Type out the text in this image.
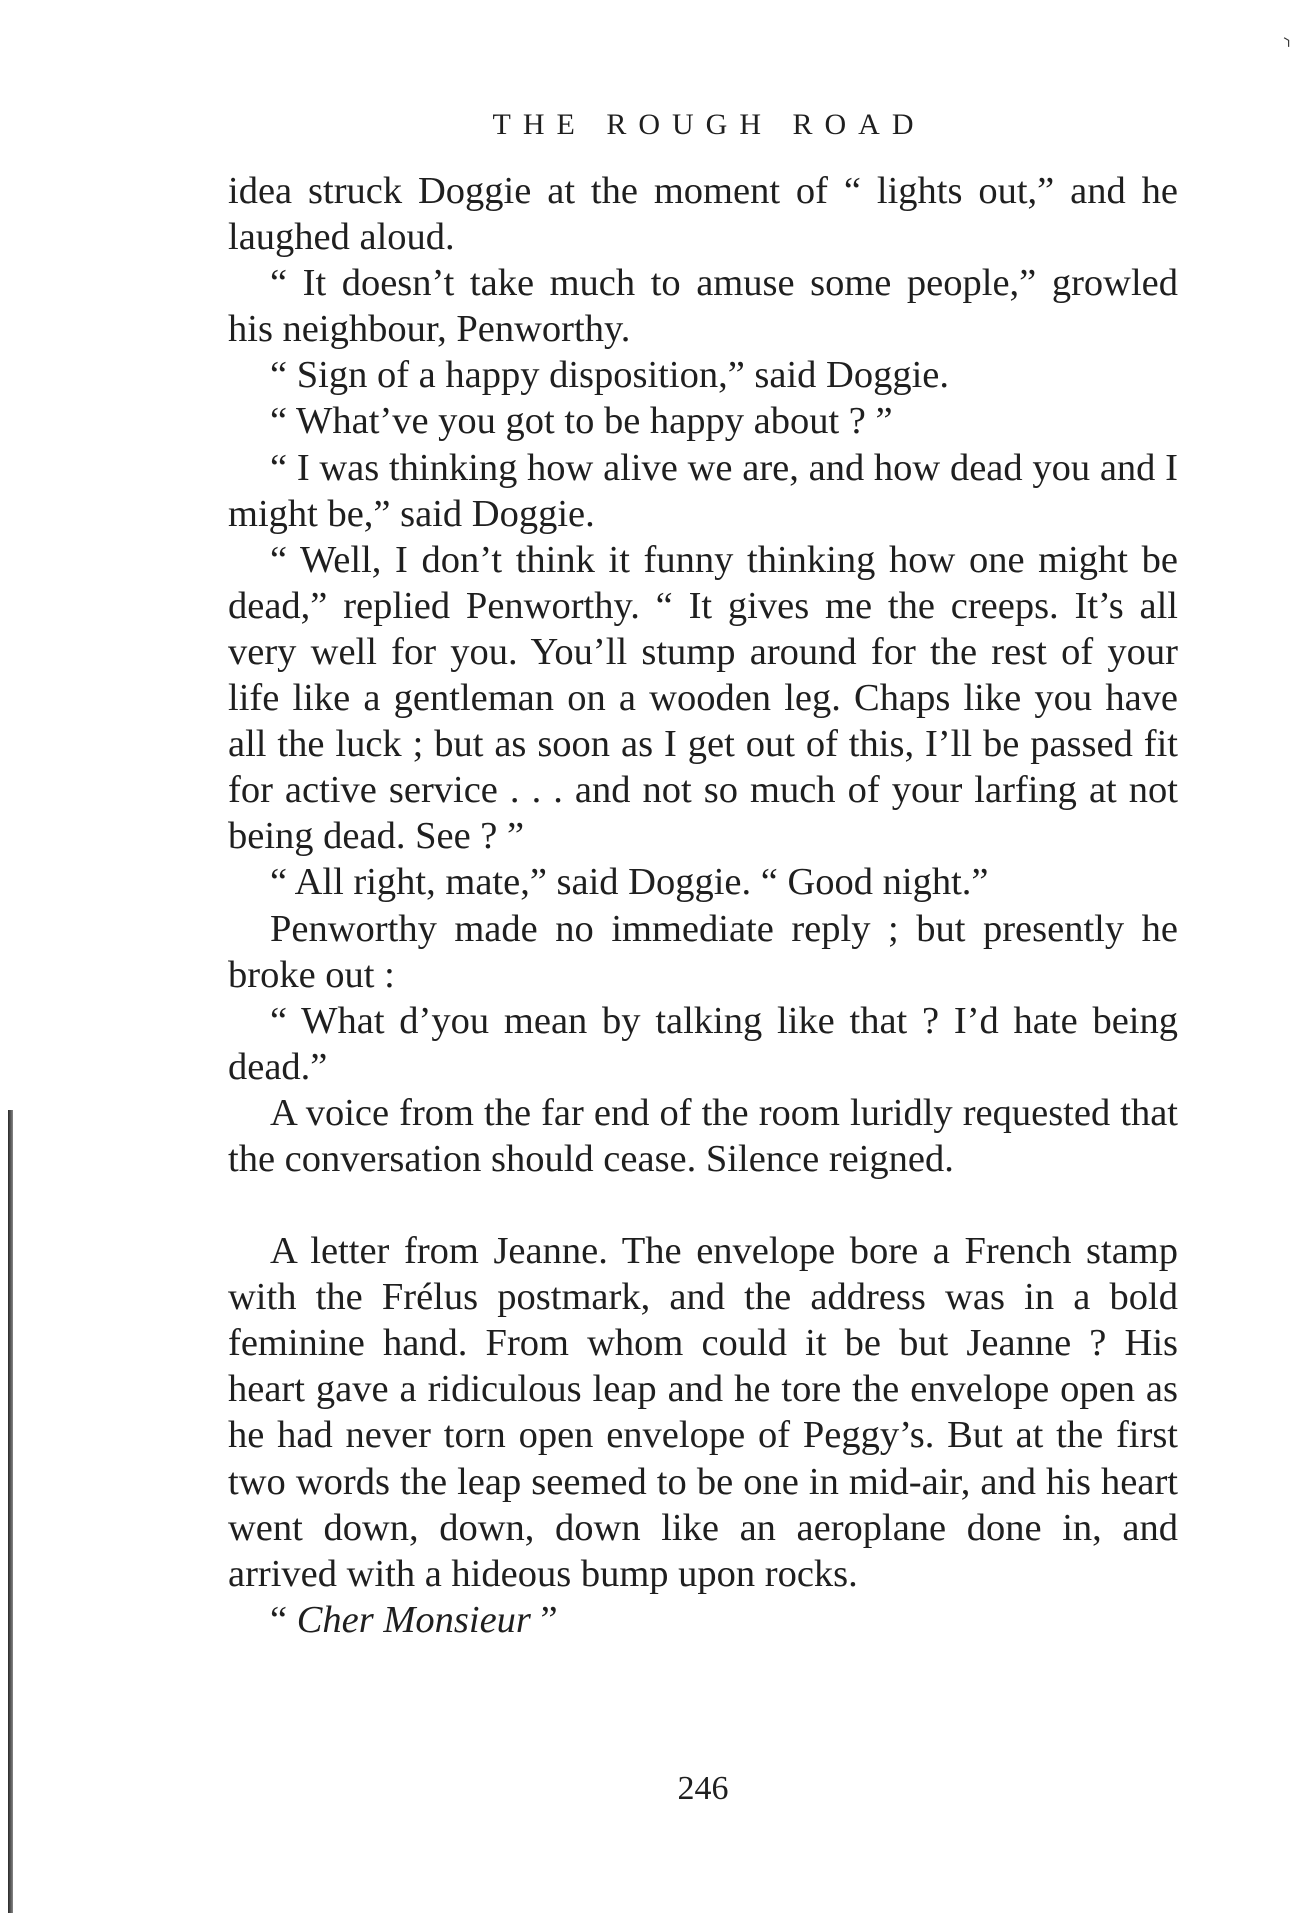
⸃
THE ROUGH ROAD

idea struck Doggie at the moment of “ lights out,” and he laughed aloud.

“ It doesn’t take much to amuse some people,” growled his neighbour, Penworthy.

“ Sign of a happy disposition,” said Doggie.

“ What’ve you got to be happy about ? ”

“ I was thinking how alive we are, and how dead you and I might be,” said Doggie.

“ Well, I don’t think it funny thinking how one might be dead,” replied Penworthy. “ It gives me the creeps. It’s all very well for you. You’ll stump around for the rest of your life like a gentleman on a wooden leg. Chaps like you have all the luck ; but as soon as I get out of this, I’ll be passed fit for active service . . . and not so much of your larfing at not being dead. See ? ”

“ All right, mate,” said Doggie. “ Good night.”

Penworthy made no immediate reply ; but presently he broke out :

“ What d’you mean by talking like that ? I’d hate being dead.”

A voice from the far end of the room luridly requested that the conversation should cease. Silence reigned.

A letter from Jeanne. The envelope bore a French stamp with the Frélus postmark, and the address was in a bold feminine hand. From whom could it be but Jeanne ? His heart gave a ridiculous leap and he tore the envelope open as he had never torn open envelope of Peggy’s. But at the first two words the leap seemed to be one in mid-air, and his heart went down, down, down like an aeroplane done in, and arrived with a hideous bump upon rocks.

“ Cher Monsieur ”

246
